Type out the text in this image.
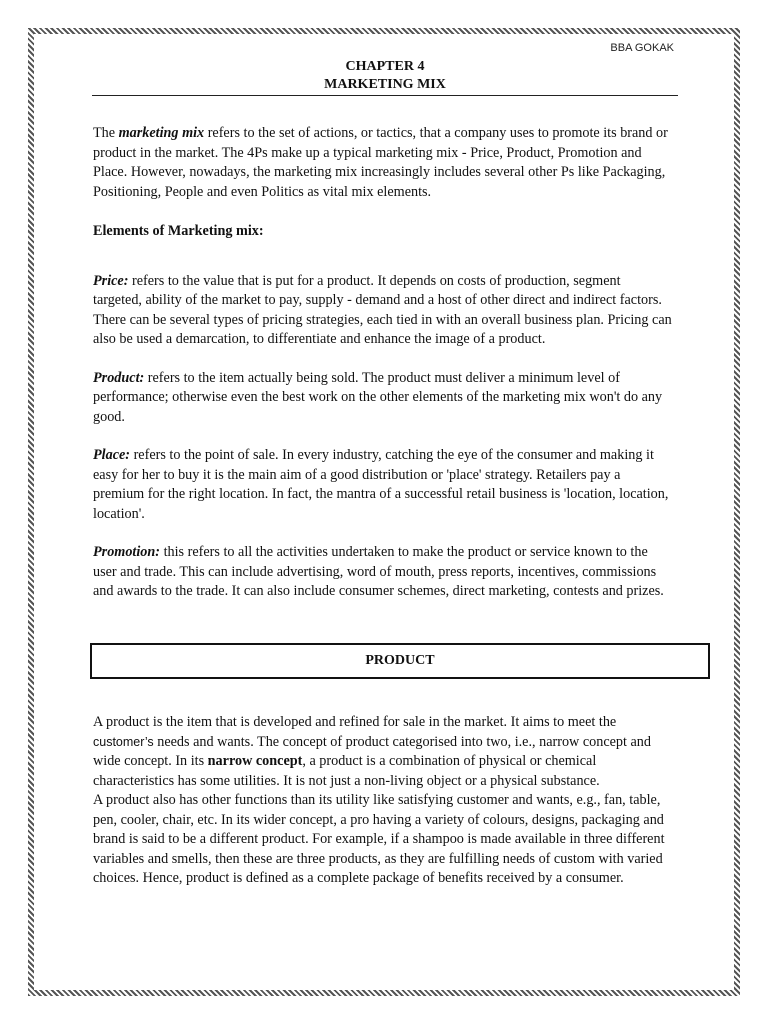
BBA GOKAK
CHAPTER 4
MARKETING MIX

The marketing mix refers to the set of actions, or tactics, that a company uses to promote its brand or product in the market. The 4Ps make up a typical marketing mix - Price, Product, Promotion and Place. However, nowadays, the marketing mix increasingly includes several other Ps like Packaging, Positioning, People and even Politics as vital mix elements.

Elements of Marketing mix:

Price: refers to the value that is put for a product. It depends on costs of production, segment targeted, ability of the market to pay, supply - demand and a host of other direct and indirect factors. There can be several types of pricing strategies, each tied in with an overall business plan. Pricing can also be used a demarcation, to differentiate and enhance the image of a product.

Product: refers to the item actually being sold. The product must deliver a minimum level of performance; otherwise even the best work on the other elements of the marketing mix won't do any good.

Place: refers to the point of sale. In every industry, catching the eye of the consumer and making it easy for her to buy it is the main aim of a good distribution or 'place' strategy. Retailers pay a premium for the right location. In fact, the mantra of a successful retail business is 'location, location, location'.

Promotion: this refers to all the activities undertaken to make the product or service known to the user and trade. This can include advertising, word of mouth, press reports, incentives, commissions and awards to the trade. It can also include consumer schemes, direct marketing, contests and prizes.

PRODUCT

A product is the item that is developed and refined for sale in the market. It aims to meet the customer’s needs and wants. The concept of product categorised into two, i.e., narrow concept and wide concept. In its narrow concept, a product is a combination of physical or chemical characteristics has some utilities. It is not just a non-living object or a physical substance.

A product also has other functions than its utility like satisfying customer and wants, e.g., fan, table, pen, cooler, chair, etc. In its wider concept, a pro having a variety of colours, designs, packaging and brand is said to be a different product. For example, if a shampoo is made available in three different variables and smells, then these are three products, as they are fulfilling needs of custom with varied choices. Hence, product is defined as a complete package of benefits received by a consumer.
